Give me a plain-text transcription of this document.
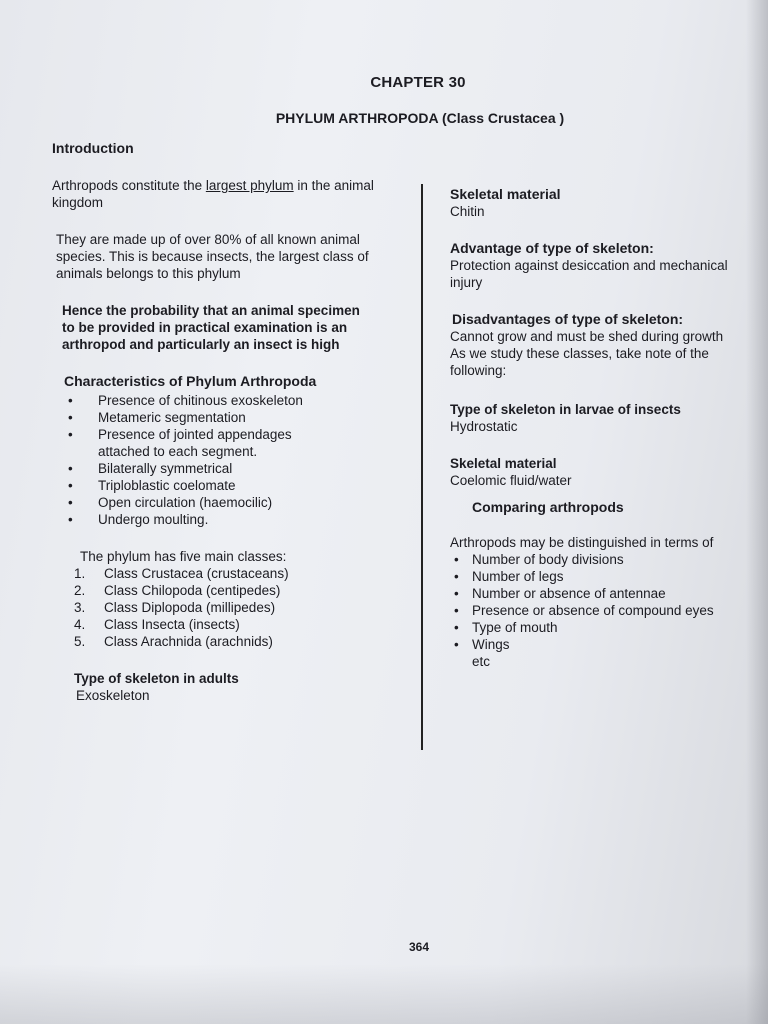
CHAPTER 30
PHYLUM ARTHROPODA (Class Crustacea )
Introduction

Arthropods constitute the largest phylum in the animal kingdom

They are made up of over 80% of all known animal species. This is because insects, the largest class of animals belongs to this phylum

Hence the probability that an animal specimen to be provided in practical examination is an arthropod and particularly an insect is high

Characteristics of Phylum Arthropoda
• Presence of chitinous exoskeleton
• Metameric segmentation
• Presence of jointed appendages attached to each segment.
• Bilaterally symmetrical
• Triploblastic coelomate
• Open circulation (haemocilic)
• Undergo moulting.

The phylum has five main classes:

1. Class Crustacea (crustaceans)
2. Class Chilopoda (centipedes)
3. Class Diplopoda (millipedes)
4. Class Insecta (insects)
5. Class Arachnida (arachnids)
Type of skeleton in adults

Exoskeleton

Skeletal material

Chitin

Advantage of type of skeleton:

Protection against desiccation and mechanical injury

Disadvantages of type of skeleton:

Cannot grow and must be shed during growth

As we study these classes, take note of the following:

Type of skeleton in larvae of insects

Hydrostatic

Skeletal material

Coelomic fluid/water

Comparing arthropods

Arthropods may be distinguished in terms of

• Number of body divisions
• Number of legs
• Number or absence of antennae
• Presence or absence of compound eyes
• Type of mouth
• Wings

etc

364
